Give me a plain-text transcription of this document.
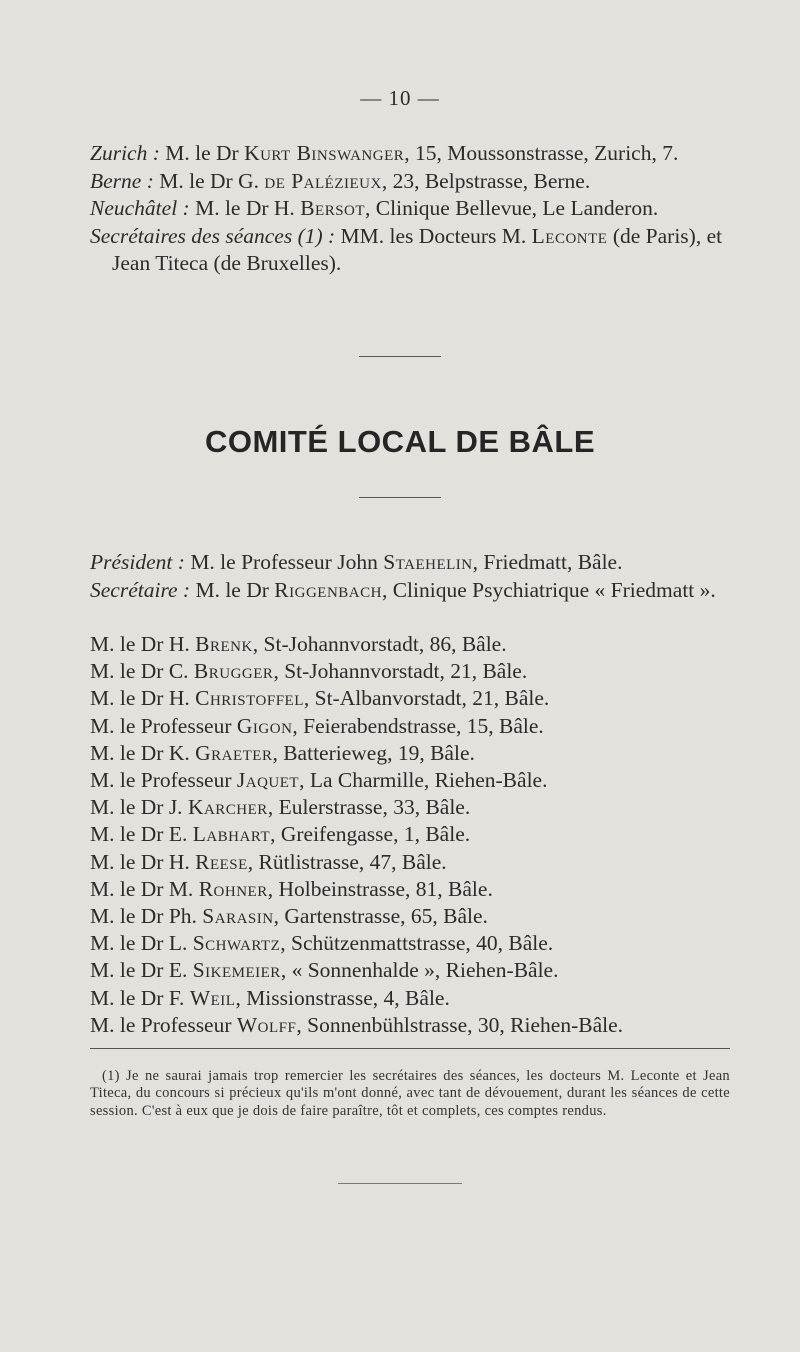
— 10 —

Zurich : M. le Dr Kurt Binswanger, 15, Moussonstrasse, Zurich, 7.

Berne : M. le Dr G. de Palézieux, 23, Belpstrasse, Berne.

Neuchâtel : M. le Dr H. Bersot, Clinique Bellevue, Le Landeron.

Secrétaires des séances (1) : MM. les Docteurs M. Leconte (de Paris), et Jean Titeca (de Bruxelles).

COMITÉ LOCAL DE BÂLE

Président : M. le Professeur John Staehelin, Friedmatt, Bâle.

Secrétaire : M. le Dr Riggenbach, Clinique Psychiatrique « Friedmatt ».

M. le Dr H. Brenk, St-Johannvorstadt, 86, Bâle.

M. le Dr C. Brugger, St-Johannvorstadt, 21, Bâle.

M. le Dr H. Christoffel, St-Albanvorstadt, 21, Bâle.

M. le Professeur Gigon, Feierabendstrasse, 15, Bâle.

M. le Dr K. Graeter, Batterieweg, 19, Bâle.

M. le Professeur Jaquet, La Charmille, Riehen-Bâle.

M. le Dr J. Karcher, Eulerstrasse, 33, Bâle.

M. le Dr E. Labhart, Greifengasse, 1, Bâle.

M. le Dr H. Reese, Rütlistrasse, 47, Bâle.

M. le Dr M. Rohner, Holbeinstrasse, 81, Bâle.

M. le Dr Ph. Sarasin, Gartenstrasse, 65, Bâle.

M. le Dr L. Schwartz, Schützenmattstrasse, 40, Bâle.

M. le Dr E. Sikemeier, « Sonnenhalde », Riehen-Bâle.

M. le Dr F. Weil, Missionstrasse, 4, Bâle.

M. le Professeur Wolff, Sonnenbühlstrasse, 30, Riehen-Bâle.

(1) Je ne saurai jamais trop remercier les secrétaires des séances, les docteurs M. Leconte et Jean Titeca, du concours si précieux qu'ils m'ont donné, avec tant de dévouement, durant les séances de cette session. C'est à eux que je dois de faire paraître, tôt et complets, ces comptes rendus.
